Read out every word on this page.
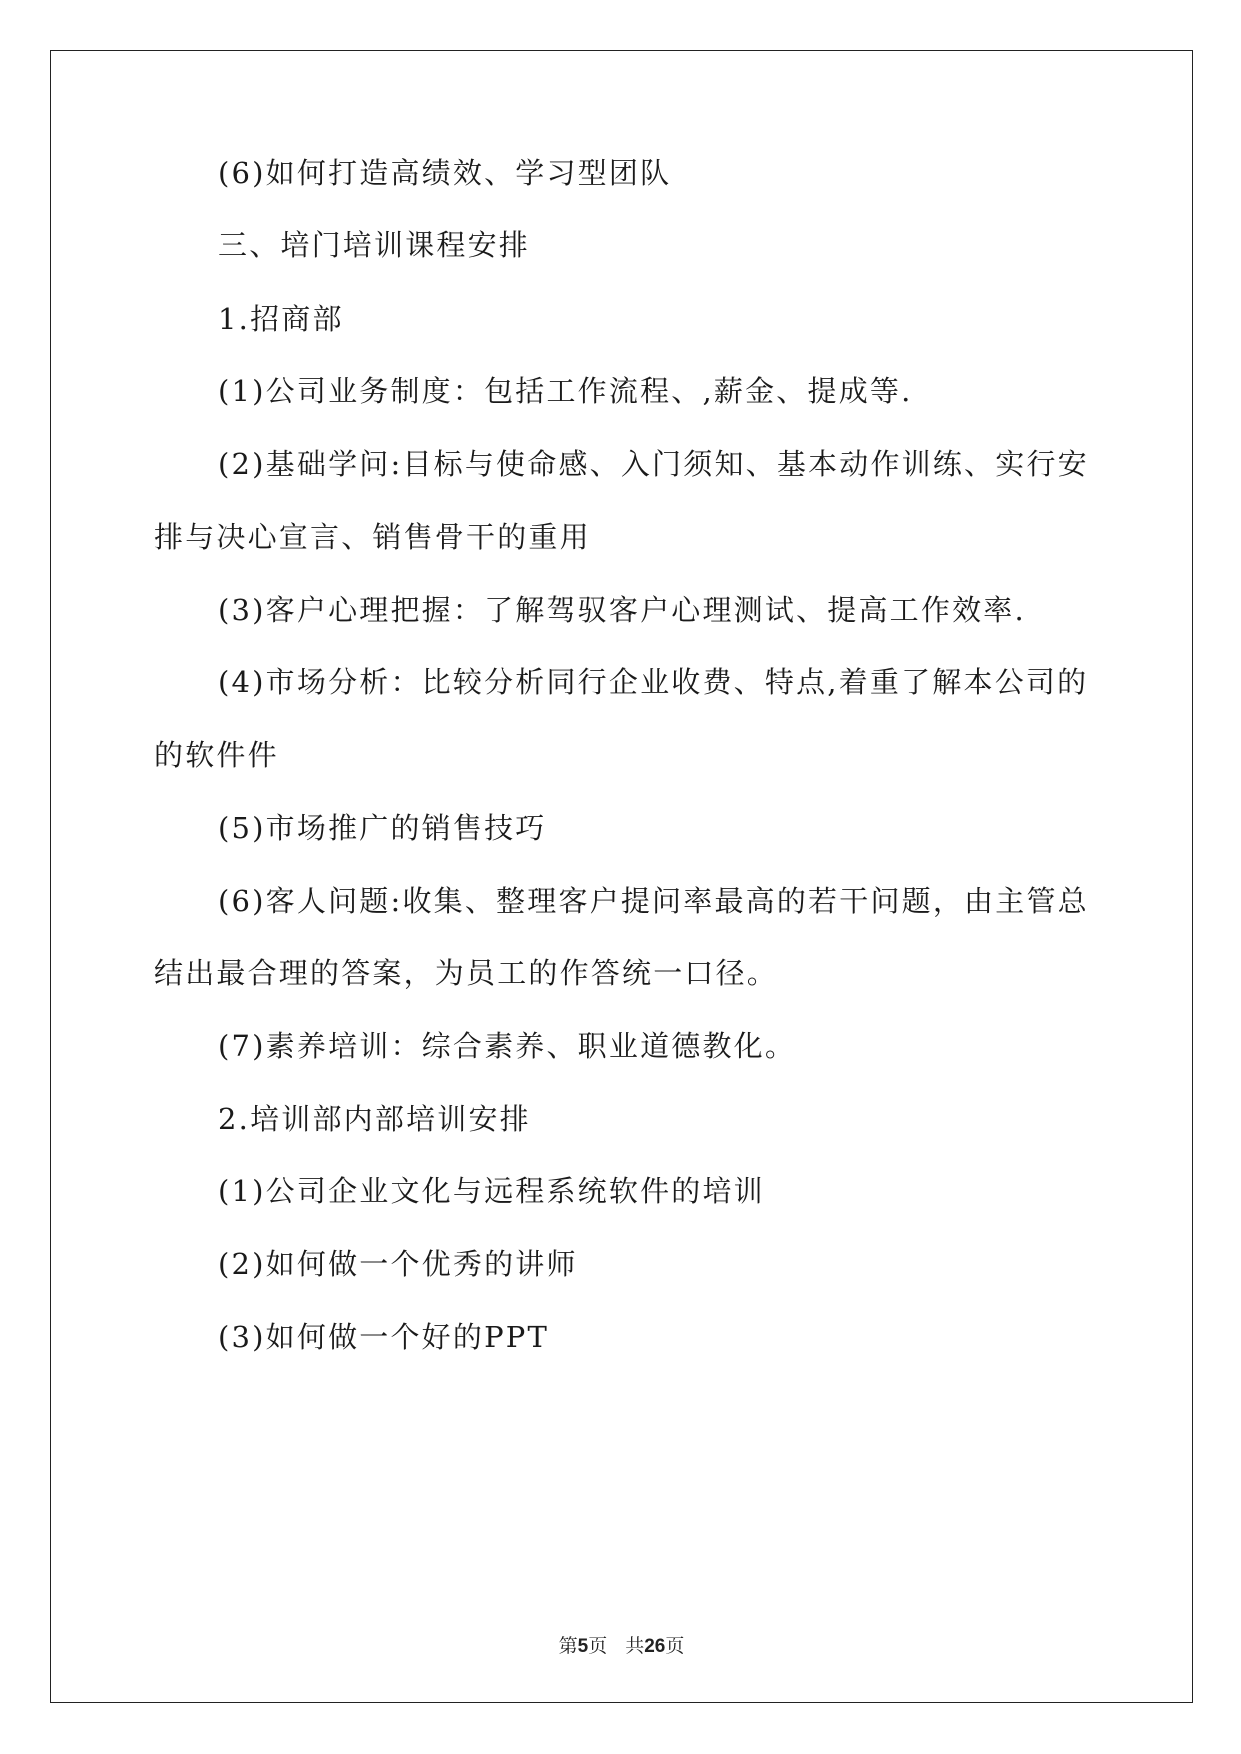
(6)如何打造高绩效、学习型团队

三、培门培训课程安排

1.招商部

(1)公司业务制度：包括工作流程、,薪金、提成等.

(2)基础学问:目标与使命感、入门须知、基本动作训练、实行安

排与决心宣言、销售骨干的重用

(3)客户心理把握：了解驾驭客户心理测试、提高工作效率.

(4)市场分析：比较分析同行企业收费、特点,着重了解本公司的

的软件件

(5)市场推广的销售技巧

(6)客人问题:收集、整理客户提问率最高的若干问题，由主管总

结出最合理的答案，为员工的作答统一口径。

(7)素养培训：综合素养、职业道德教化。

2.培训部内部培训安排

(1)公司企业文化与远程系统软件的培训

(2)如何做一个优秀的讲师

(3)如何做一个好的PPT

第5页 共26页
